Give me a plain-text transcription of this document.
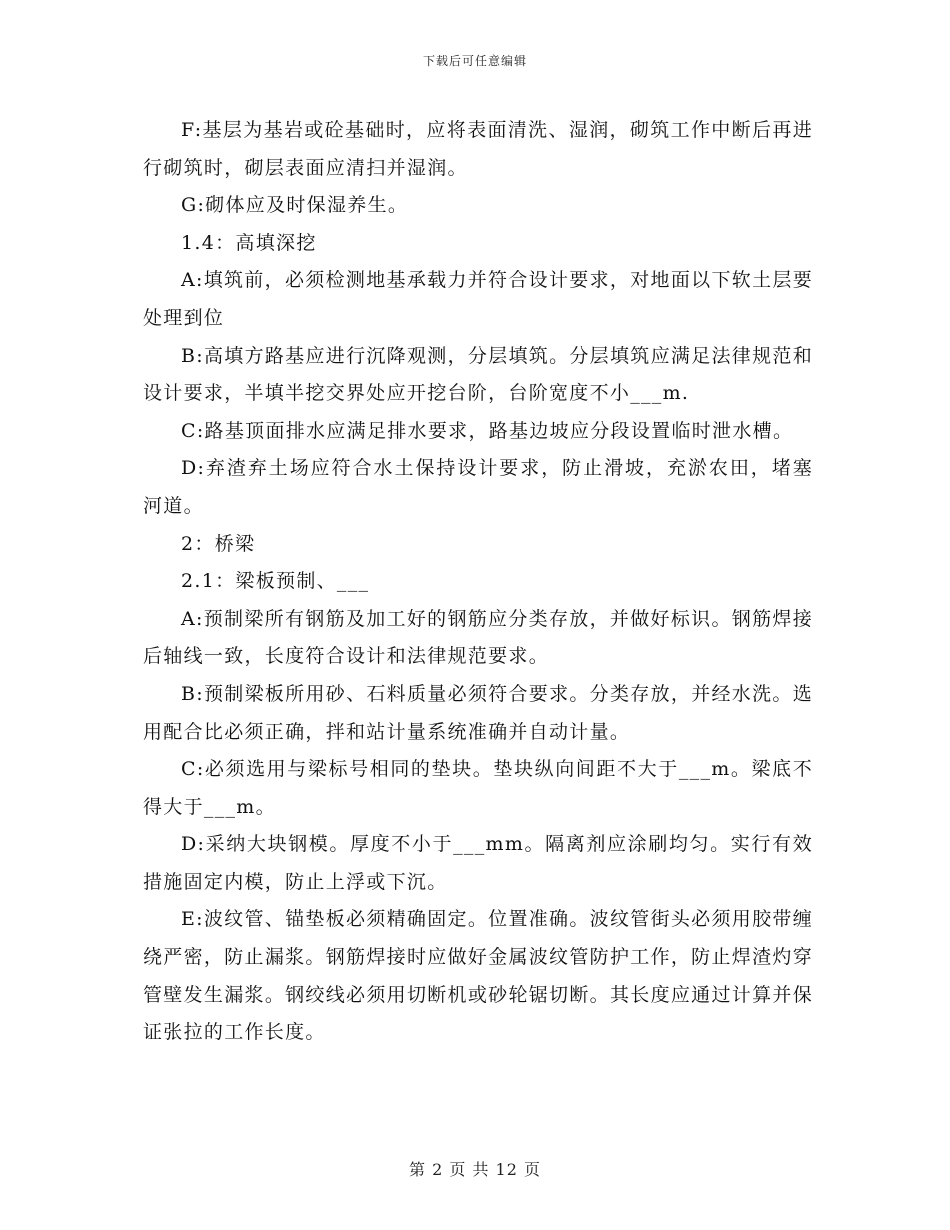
下载后可任意编辑

F:基层为基岩或砼基础时，应将表面清洗、湿润，砌筑工作中断后再进行砌筑时，砌层表面应清扫并湿润。

G:砌体应及时保湿养生。

1.4：高填深挖

A:填筑前，必须检测地基承载力并符合设计要求，对地面以下软土层要处理到位

B:高填方路基应进行沉降观测，分层填筑。分层填筑应满足法律规范和设计要求，半填半挖交界处应开挖台阶，台阶宽度不小___m.

C:路基顶面排水应满足排水要求，路基边坡应分段设置临时泄水槽。

D:弃渣弃土场应符合水土保持设计要求，防止滑坡，充淤农田，堵塞河道。

2：桥梁

2.1：梁板预制、___

A:预制梁所有钢筋及加工好的钢筋应分类存放，并做好标识。钢筋焊接后轴线一致，长度符合设计和法律规范要求。

B:预制梁板所用砂、石料质量必须符合要求。分类存放，并经水洗。选用配合比必须正确，拌和站计量系统准确并自动计量。

C:必须选用与梁标号相同的垫块。垫块纵向间距不大于___m。梁底不得大于___m。

D:采纳大块钢模。厚度不小于___mm。隔离剂应涂刷均匀。实行有效措施固定内模，防止上浮或下沉。

E:波纹管、锚垫板必须精确固定。位置准确。波纹管街头必须用胶带缠绕严密，防止漏浆。钢筋焊接时应做好金属波纹管防护工作，防止焊渣灼穿管壁发生漏浆。钢绞线必须用切断机或砂轮锯切断。其长度应通过计算并保证张拉的工作长度。

第 2 页 共 12 页
